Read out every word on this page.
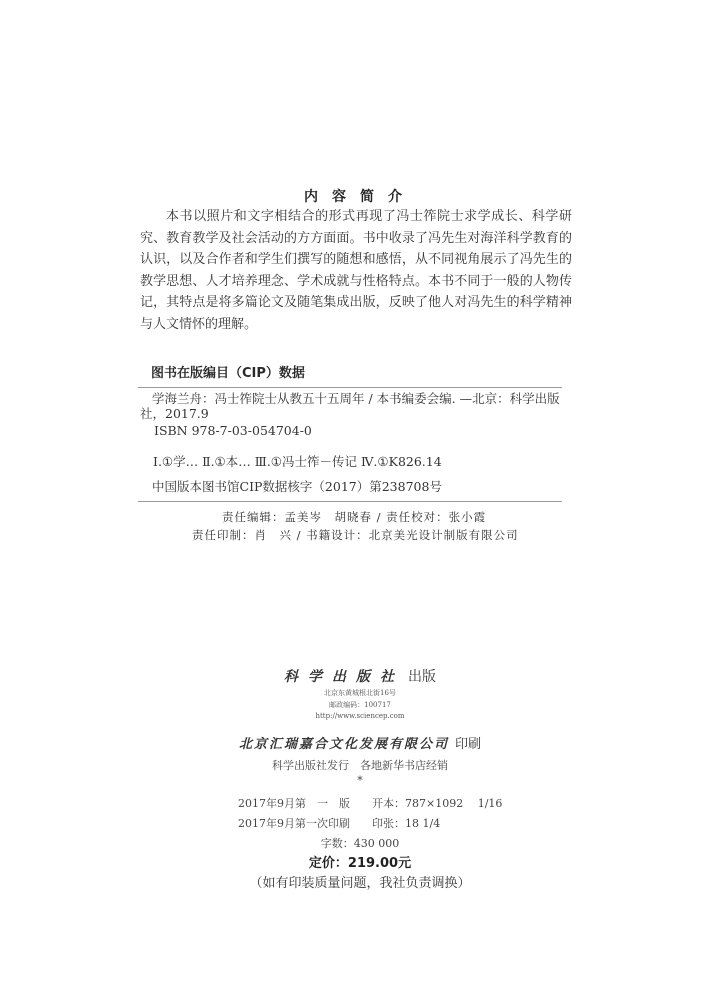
内容简介
本书以照片和文字相结合的形式再现了冯士筰院士求学成长、科学研究、教育教学及社会活动的方方面面。书中收录了冯先生对海洋科学教育的认识，以及合作者和学生们撰写的随想和感悟，从不同视角展示了冯先生的教学思想、人才培养理念、学术成就与性格特点。本书不同于一般的人物传记，其特点是将多篇论文及随笔集成出版，反映了他人对冯先生的科学精神与人文情怀的理解。
图书在版编目（CIP）数据
学海兰舟：冯士筰院士从教五十五周年 / 本书编委会编. —北京：科学出版
社，2017.9
ISBN 978-7-03-054704-0
Ⅰ.①学… Ⅱ.①本… Ⅲ.①冯士筰－传记 Ⅳ.①K826.14
中国版本图书馆CIP数据核字（2017）第238708号
责任编辑：孟美岑　胡晓春 / 责任校对：张小霞
责任印制：肖　兴 / 书籍设计：北京美光设计制版有限公司
科学出版社 出版
北京东黄城根北街16号
邮政编码：100717
http://www.sciencep.com
北京汇瑞嘉合文化发展有限公司 印刷
科学出版社发行　各地新华书店经销
*
2017年9月第　一　版　　开本：787×1092　 1/16
2017年9月第一次印刷　　印张：18 1/4
字数：430 000
定价：219.00元
（如有印装质量问题，我社负责调换）
